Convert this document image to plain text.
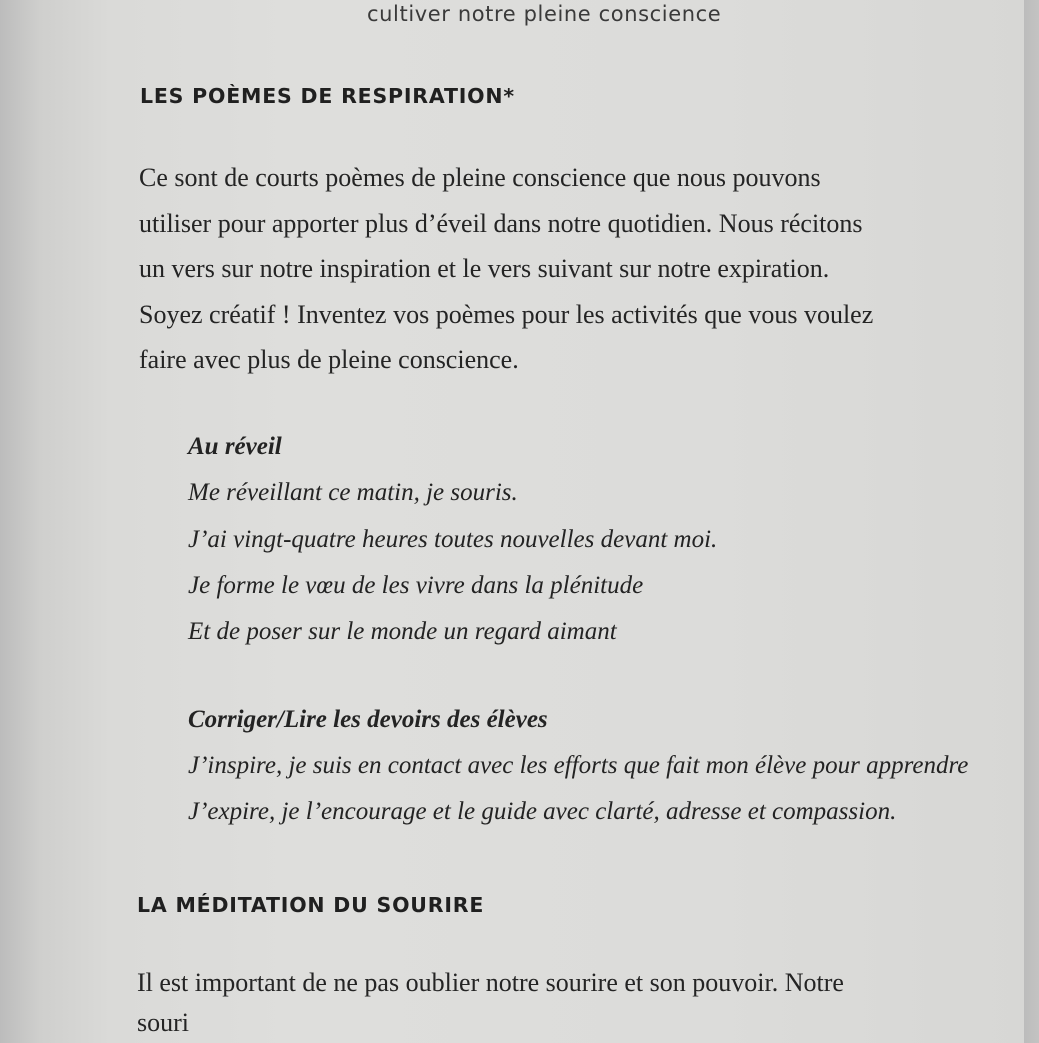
cultiver notre pleine conscience
LES POÈMES DE RESPIRATION*
Ce sont de courts poèmes de pleine conscience que nous pouvons
utiliser pour apporter plus d’éveil dans notre quotidien. Nous récitons
un vers sur notre inspiration et le vers suivant sur notre expiration.
Soyez créatif ! Inventez vos poèmes pour les activités que vous voulez
faire avec plus de pleine conscience.
Au réveil
Me réveillant ce matin, je souris.
J’ai vingt-quatre heures toutes nouvelles devant moi.
Je forme le vœu de les vivre dans la plénitude
Et de poser sur le monde un regard aimant
Corriger/Lire les devoirs des élèves
J’inspire, je suis en contact avec les efforts que fait mon élève pour apprendre
J’expire, je l’encourage et le guide avec clarté, adresse et compassion.
LA MÉDITATION DU SOURIRE
Il est important de ne pas oublier notre sourire et son pouvoir. Notre
souri
